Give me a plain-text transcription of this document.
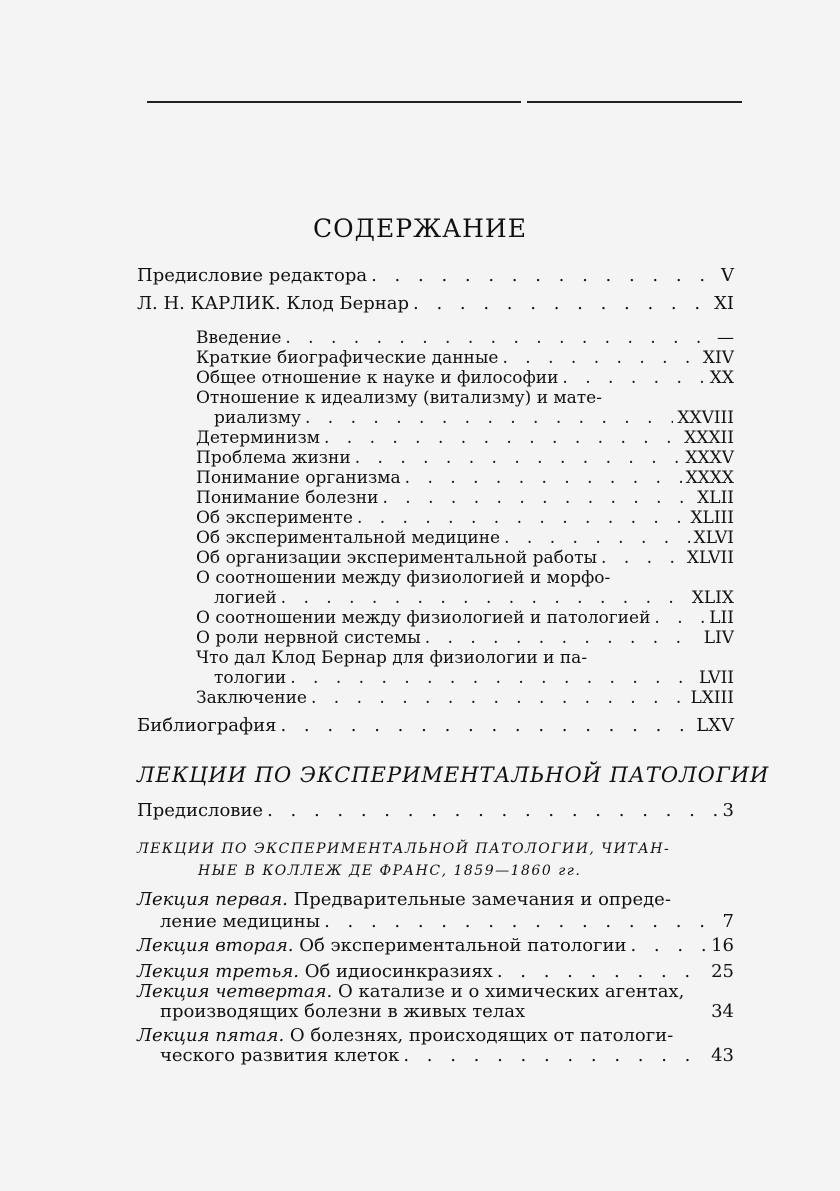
СОДЕРЖАНИЕ
Предисловие редактора . . .	V
Л. Н. КАРЛИК. Клод Бернар . . .	XI
Введение . . .	—
Краткие биографические данные . . .	XIV
Общее отношение к науке и философии . . .	XX
Отношение к идеализму (витализму) и мате-
риализму . . .	XXVIII
Детерминизм . . .	XXXII
Проблема жизни . . .	XXXV
Понимание организма . . .	XXXX
Понимание болезни . . .	XLII
Об эксперименте . . .	XLIII
Об экспериментальной медицине . . .	XLVI
Об организации экспериментальной работы . . .	XLVII
О соотношении между физиологией и морфо-
логией . . .	XLIX
О соотношении между физиологией и патологией . . .	LII
О роли нервной системы . . .	LIV
Что дал Клод Бернар для физиологии и па-
тологии . . .	LVII
Заключение . . .	LXIII
Библиография . . .	LXV
ЛЕКЦИИ ПО ЭКСПЕРИМЕНТАЛЬНОЙ ПАТОЛОГИИ
Предисловие . . .	3
ЛЕКЦИИ ПО ЭКСПЕРИМЕНТАЛЬНОЙ ПАТОЛОГИИ, ЧИТАН-
НЫЕ В КОЛЛЕЖ ДЕ ФРАНС, 1859—1860 гг.
Лекция первая. Предварительные замечания и опреде-
ление медицины . . .	7
Лекция вторая. Об экспериментальной патологии . . .	16
Лекция третья. Об идиосинкразиях . . .	25
Лекция четвертая. О катализе и о химических агентах,
производящих болезни в живых телах	34
Лекция пятая. О болезнях, происходящих от патологи-
ческого развития клеток . . .	43
